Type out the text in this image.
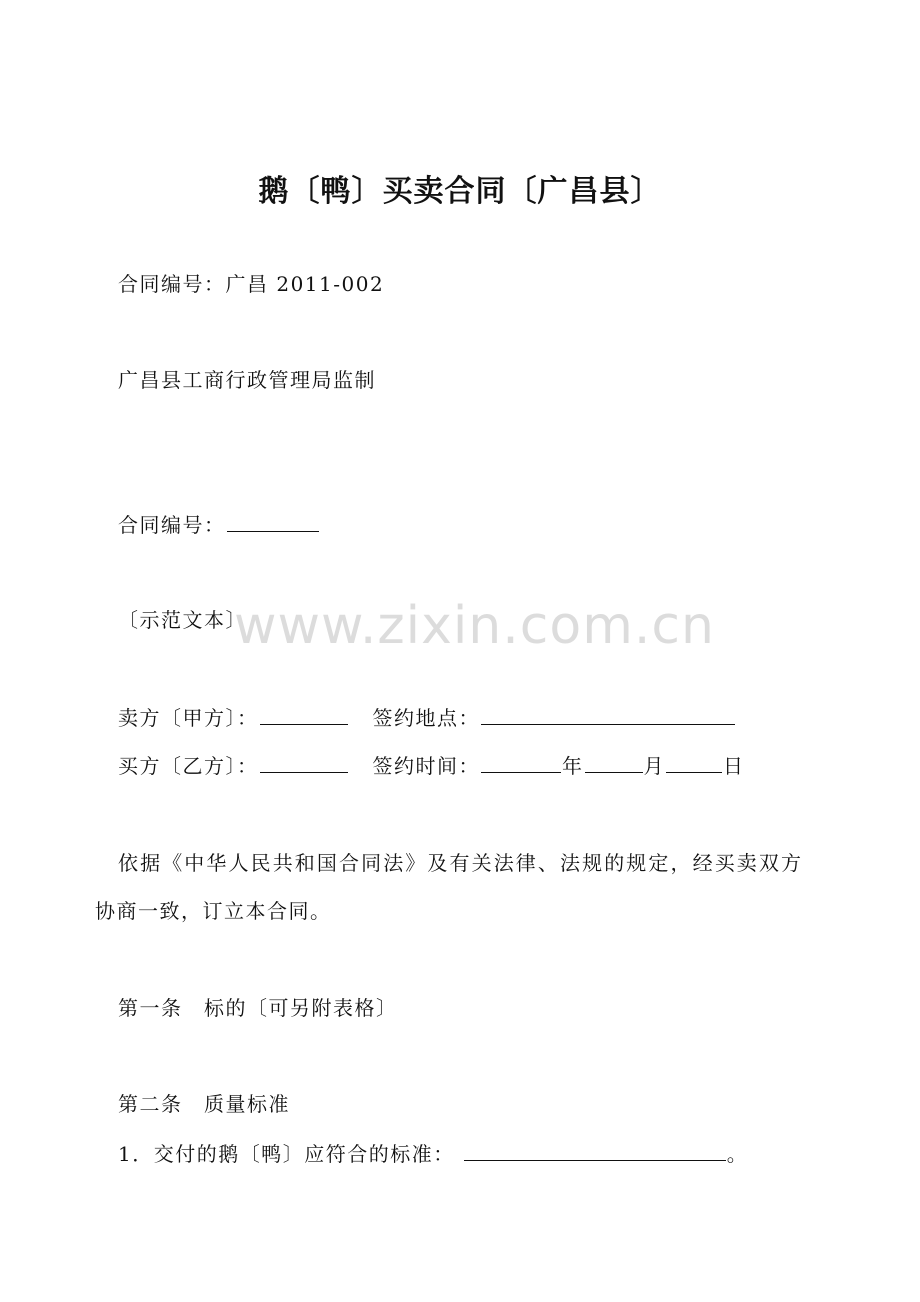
www.zixin.com.cn
鹅〔鸭〕买卖合同〔广昌县〕
合同编号：广昌 2011-002
广昌县工商行政管理局监制
合同编号：
〔示范文本〕
卖方〔甲方〕：	签约地点：
买方〔乙方〕：	签约时间：	年	月	日
依据《中华人民共和国合同法》及有关法律、法规的规定，经买卖双方
协商一致，订立本合同。
第一条　标的〔可另附表格〕
第二条　质量标准
1．交付的鹅〔鸭〕应符合的标准：	。
